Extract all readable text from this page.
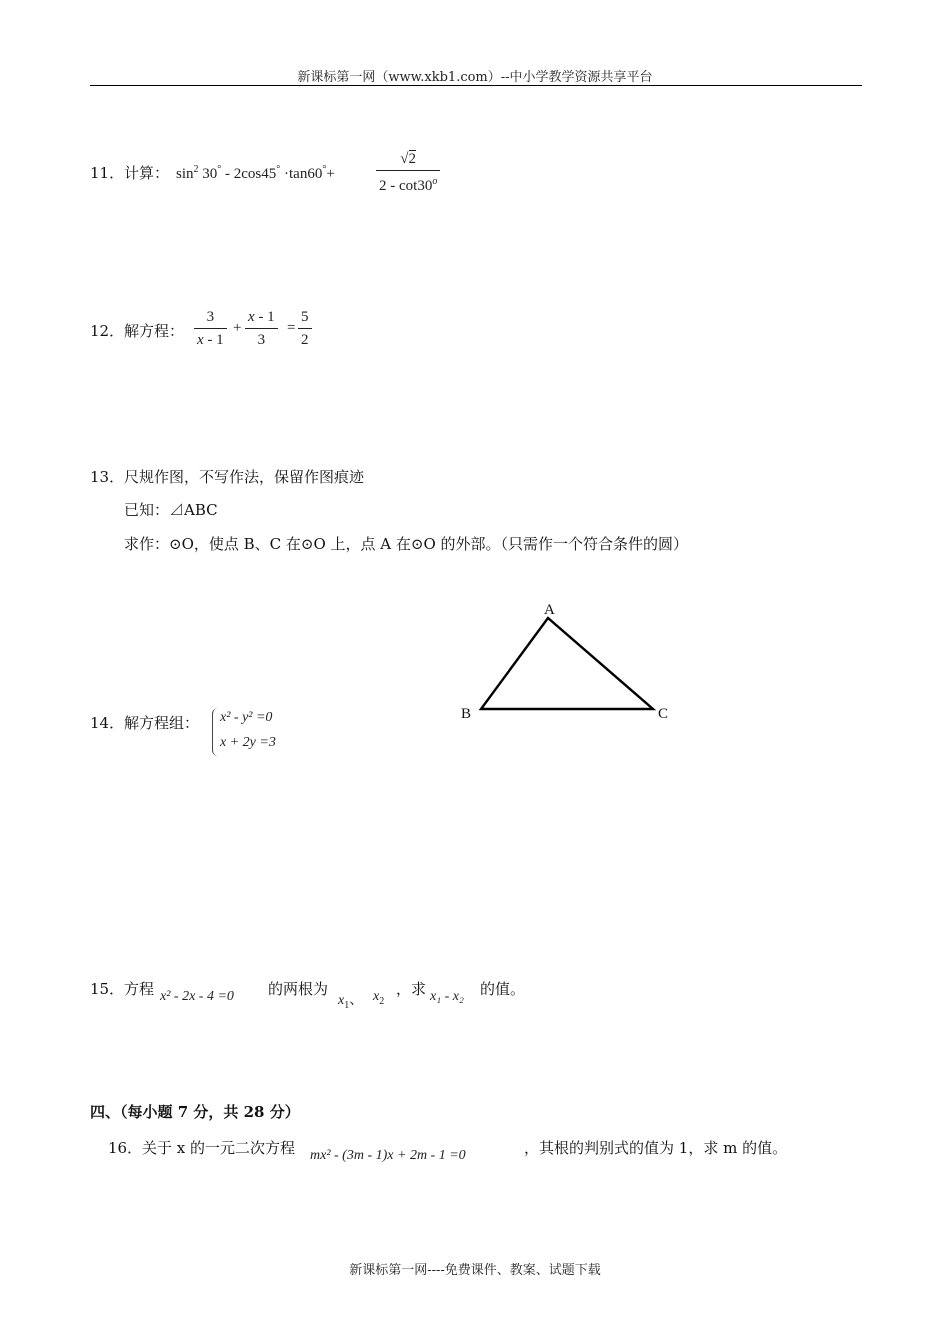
新课标第一网（www.xkb1.com）--中小学教学资源共享平台
11． 计算： $\sin^2 30^\circ - 2\cos 45^\circ \cdot\tan 60^\circ+$	$\frac{√2}{2 - \cot 30^o}$
12． 解方程： $\frac{3}{x - 1} + \frac{x - 1}{3} = \frac{5}{2}$
13． 尺规作图，不写作法，保留作图痕迹
已知：⊿ABC
求作：⊙O，使点 B、C 在⊙O 上，点 A 在⊙O 的外部。（只需作一个符合条件的圆）
A
B	C
14． 解方程组： x² - y² =0
x + 2y =3
15． 方程 x² - 2x - 4 =0 的两根为
$x_1$、 $x_2$
，求 x₁ - x₂ 的值。
四、（每小题 7 分，共 28 分）
16． 关于 x 的一元二次方程 mx² - (3m - 1)x + 2m - 1 =0	，其根的判别式的值为 1，求 m 的值。
新课标第一网----免费课件、教案、试题下载
